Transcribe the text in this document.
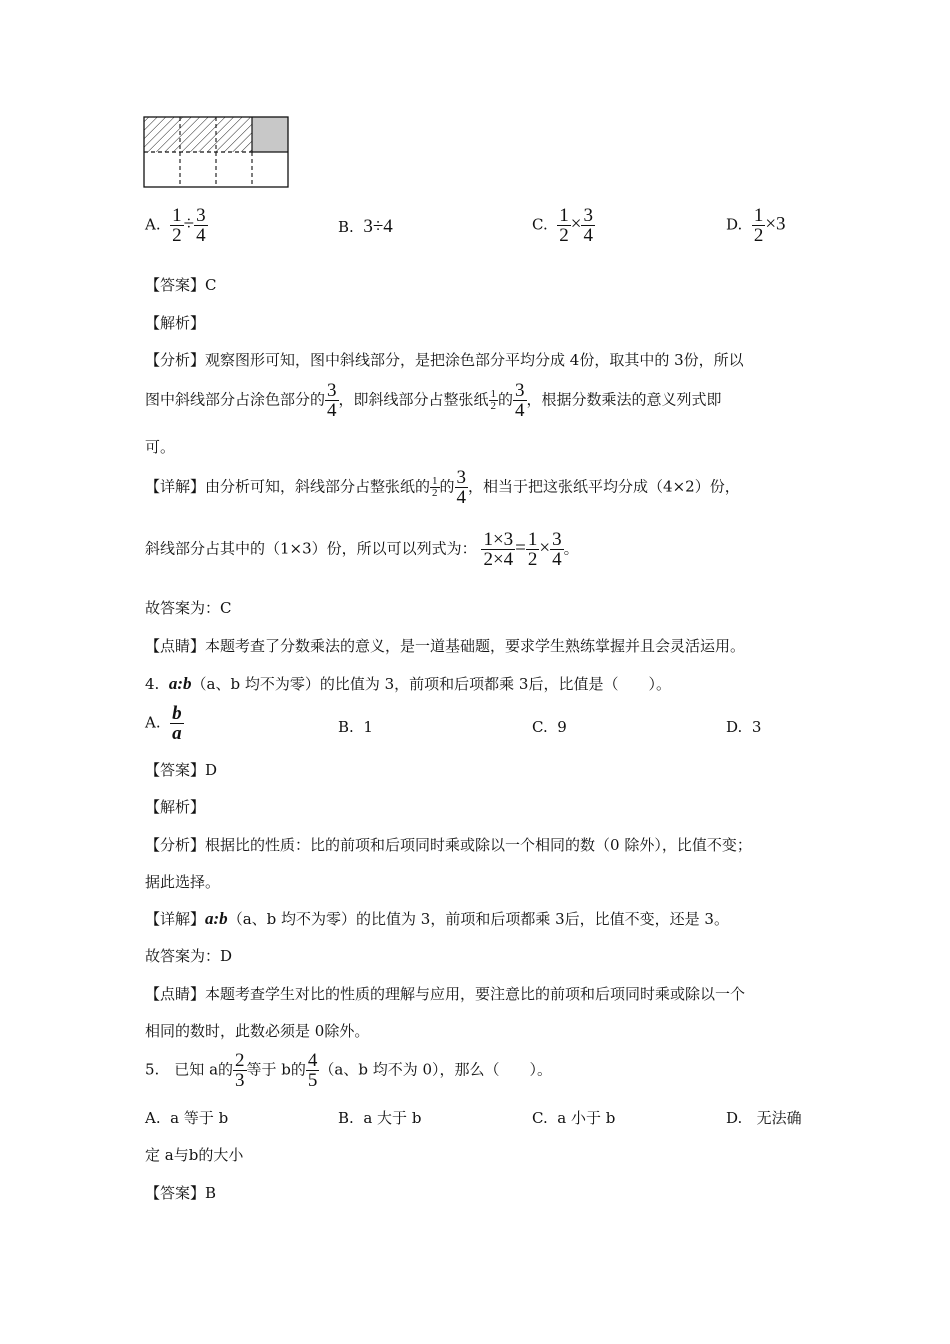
A. $\frac{1}{2} \div \frac{3}{4}$	B. 3÷4	C. $\frac{1}{2} \times \frac{3}{4}$	D. $\frac{1}{2} \times 3$
【答案】C
【解析】
【分析】观察图形可知，图中斜线部分，是把涂色部分平均分成 4份，取其中的 3份，所以
图中斜线部分占涂色部分的 $\frac{3}{4}$ ，即斜线部分占整张纸 $\frac{1}{2}$ 的 $\frac{3}{4}$ ，根据分数乘法的意义列式即
可。
【详解】由分析可知，斜线部分占整张纸的 $\frac{1}{2}$ 的 $\frac{3}{4}$ ，相当于把这张纸平均分成（4×2）份，
斜线部分占其中的（1×3）份，所以可以列式为： $\frac{1\times 3}{2\times 4} = \frac{1}{2} \times \frac{3}{4}$ 。
故答案为：C
【点睛】本题考查了分数乘法的意义，是一道基础题，要求学生熟练掌握并且会灵活运用。
4. a:b（a、b 均不为零）的比值为 3，前项和后项都乘 3后，比值是（　　）。
A. $\frac{b}{a}$	B. 1	C. 9	D. 3
【答案】D
【解析】
【分析】根据比的性质：比的前项和后项同时乘或除以一个相同的数（0 除外），比值不变；
据此选择。
【详解】a:b（a、b 均不为零）的比值为 3，前项和后项都乘 3后，比值不变，还是 3。
故答案为：D
【点睛】本题考查学生对比的性质的理解与应用，要注意比的前项和后项同时乘或除以一个
相同的数时，此数必须是 0除外。
5.　已知 a的 $\frac{2}{3}$ 等于 b的 $\frac{4}{5} (a$、b 均不为 0），那么（　　）。
A. a 等于 b	B. a 大于 b	C. a 小于 b	D. 无法确
定 a与b的大小
【答案】B
